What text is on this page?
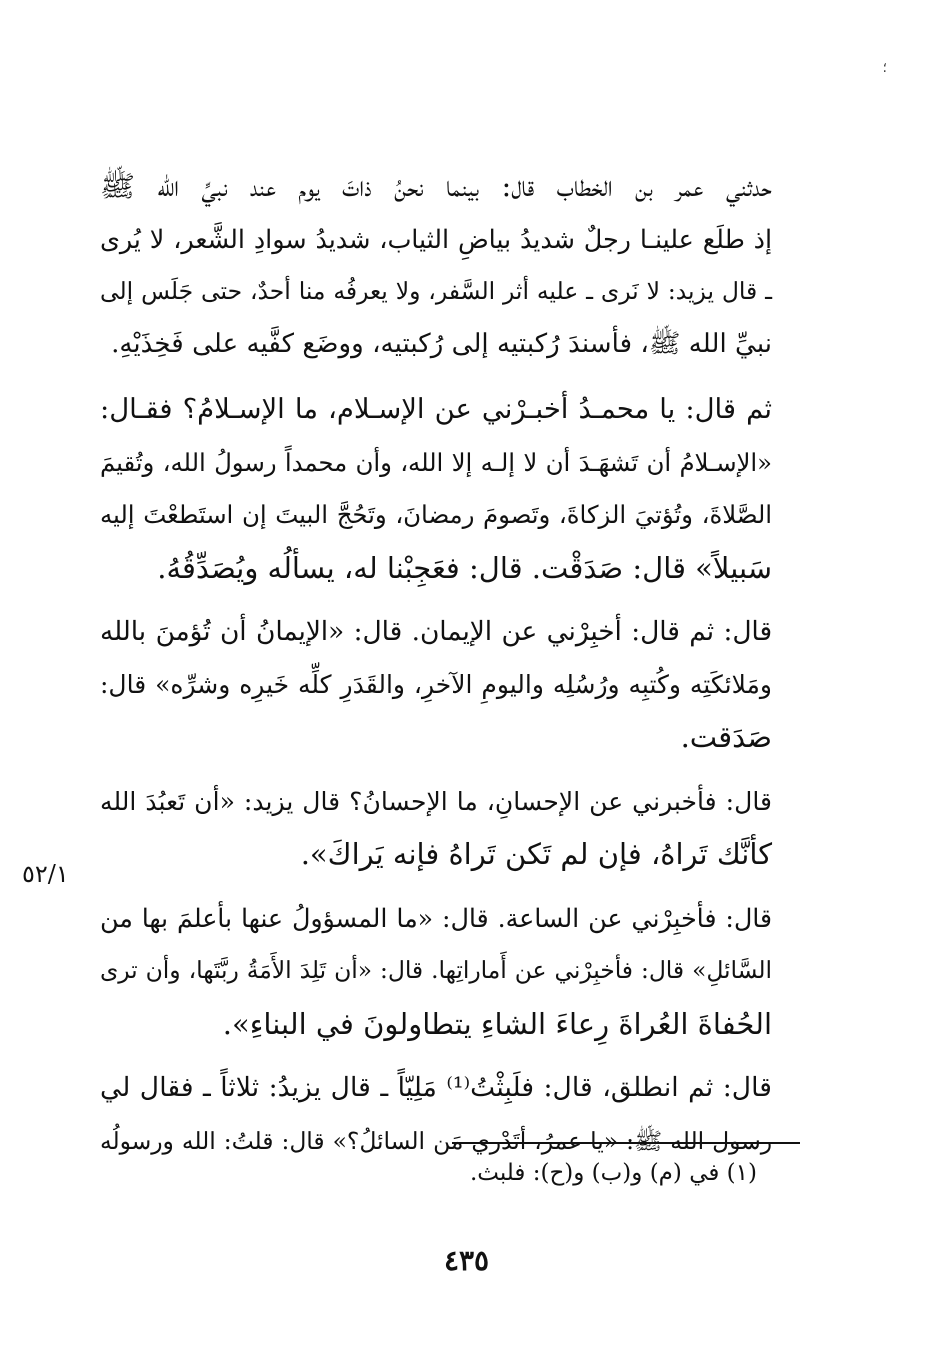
؛

حدثني عمر بن الخطاب قال: بينما نحنُ ذاتَ يوم عند نبيِّ الله ﷺ
إذ طلَع علينـا رجلٌ شديدُ بياضِ الثياب، شديدُ سوادِ الشَّعر، لا يُرى
ـ قال يزيد: لا نَرى ـ عليه أثر السَّفر، ولا يعرفُه منا أحدٌ، حتى جَلَس إلى
نبيِّ الله ﷺ، فأسندَ رُكبتيه إلى رُكبتيه، ووضَع كفَّيه على فَخِذَيْهِ.

ثم قال: يا محمـدُ أخبـرْني عن الإسـلام، ما الإسـلامُ؟ فقـال:
«الإسـلامُ أن تَشهَـدَ أن لا إلـه إلا الله، وأن محمداً رسولُ الله، وتُقيمَ
الصَّلاةَ، وتُؤتيَ الزكاةَ، وتَصومَ رمضانَ، وتَحُجَّ البيتَ إن استَطعْتَ إليه
سَبيلاً» قال: صَدَقْت. قال: فعَجِبْنا له، يسألُه ويُصَدِّقُهُ.

قال: ثم قال: أخبِرْني عن الإيمان. قال: «الإيمانُ أن تُؤمنَ بالله
ومَلائكَتِه وكُتبِه ورُسُلِه واليومِ الآخرِ، والقَدَرِ كلِّه خَيرِه وشرِّه» قال:
صَدَقت.

قال: فأخبرني عن الإحسانِ، ما الإحسانُ؟ قال يزيد: «أن تَعبُدَ الله
كأنَّك تَراهُ، فإن لم تَكن تَراهُ فإنه يَراكَ».

قال: فأخبِرْني عن الساعة. قال: «ما المسؤولُ عنها بأعلمَ بها من
السَّائلِ» قال: فأخبِرْني عن أَماراتِها. قال: «أن تَلِدَ الأَمَةُ ربَّتَها، وأن ترى
الحُفاةَ العُراةَ رِعاءَ الشاءِ يتطاولونَ في البناءِ».

قال: ثم انطلق، قال: فلَبِثْتُ⁽¹⁾ مَلِيّاً ـ قال يزيدُ: ثلاثاً ـ فقال لي
رسول الله ﷺ: «يا عمرُ، أتَدْري مَن السائلُ؟» قال: قلتُ: الله ورسولُه

٥٢/١
(١) في (م) و(ب) و(ح): فلبث.
٤٣٥
